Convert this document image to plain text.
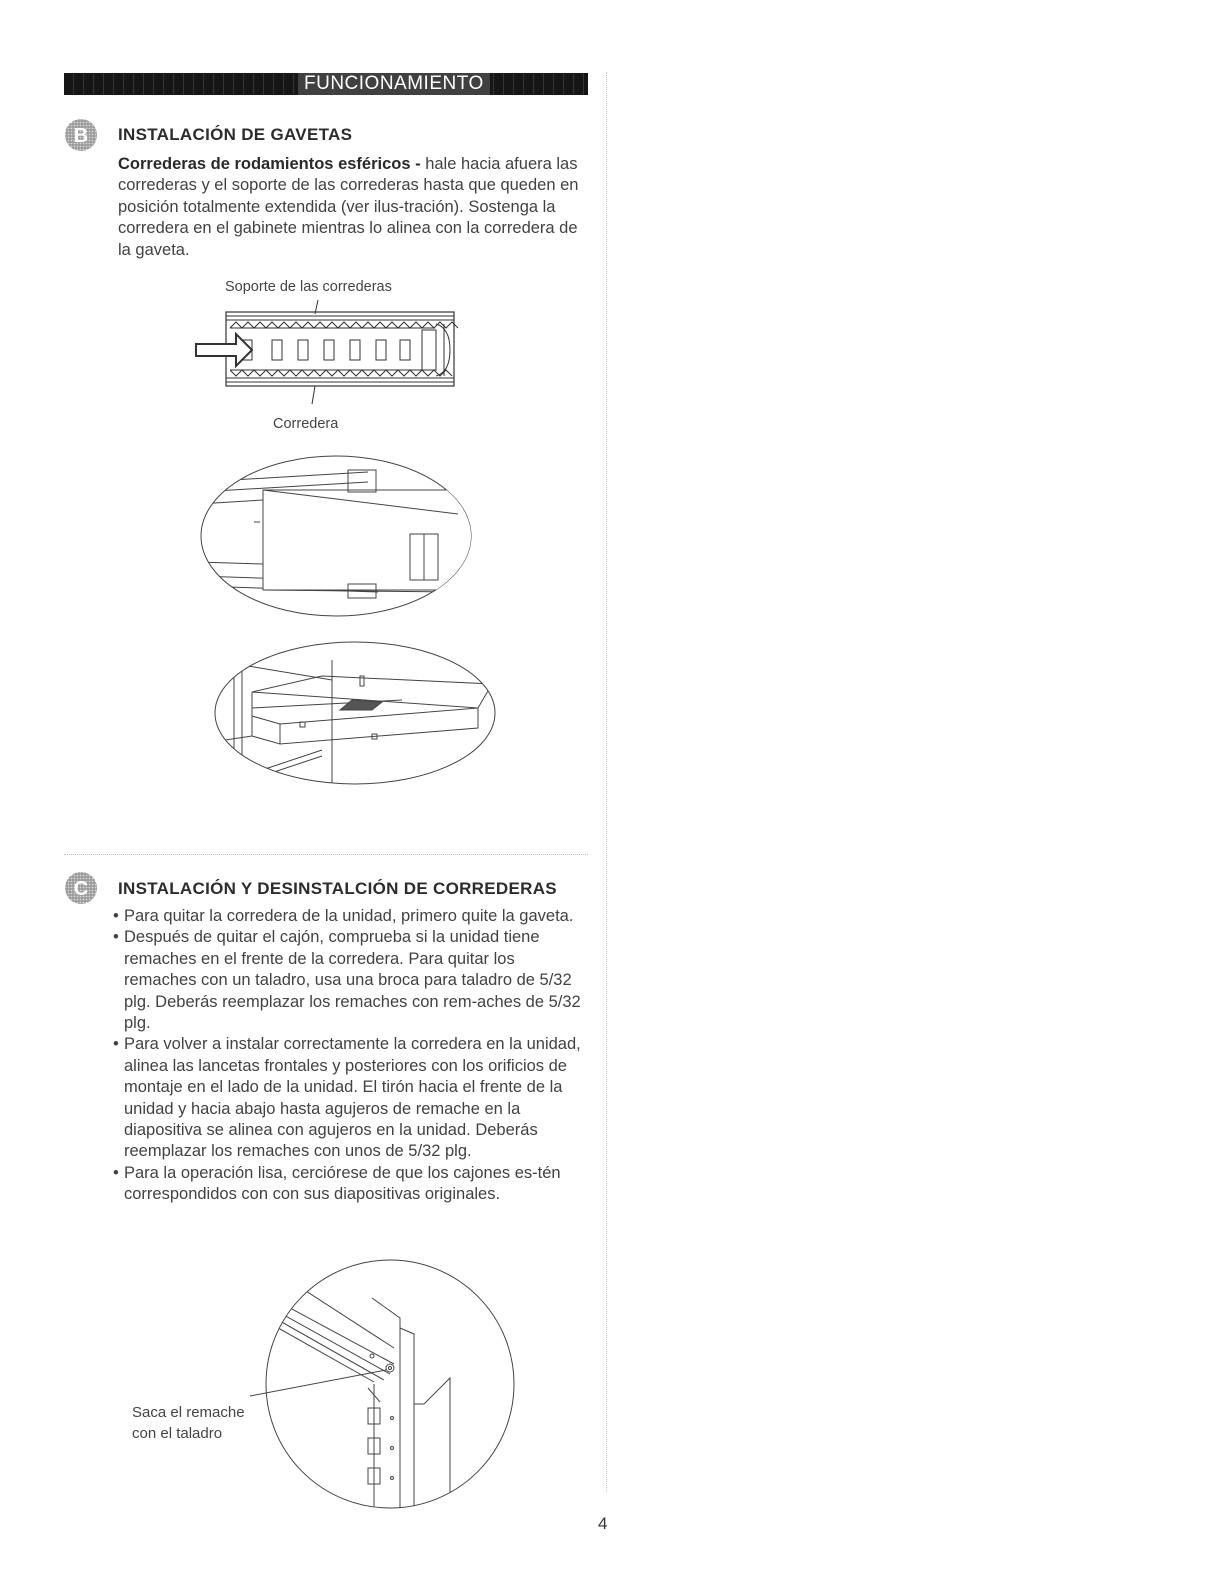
FUNCIONAMIENTO
B INSTALACIÓN DE GAVETAS

Correderas de rodamientos esféricos - hale hacia afuera las correderas y el soporte de las correderas hasta que queden en posición totalmente extendida (ver ilus-tración). Sostenga la corredera en el gabinete mientras lo alinea con la corredera de la gaveta.

Soporte de las correderas
Corredera
C INSTALACIÓN Y DESINSTALCIÓN DE CORREDERAS
• Para quitar la corredera de la unidad, primero quite la gaveta.
• Después de quitar el cajón, comprueba si la unidad tiene remaches en el frente de la corredera. Para quitar los remaches con un taladro, usa una broca para taladro de 5/32 plg. Deberás reemplazar los remaches con rem-aches de 5/32 plg.
• Para volver a instalar correctamente la corredera en la unidad, alinea las lancetas frontales y posteriores con los orificios de montaje en el lado de la unidad. El tirón hacia el frente de la unidad y hacia abajo hasta agujeros de remache en la diapositiva se alinea con agujeros en la unidad. Deberás reemplazar los remaches con unos de 5/32 plg.
• Para la operación lisa, cerciórese de que los cajones es-tén correspondidos con con sus diapositivas originales.
Saca el remache
con el taladro
4
